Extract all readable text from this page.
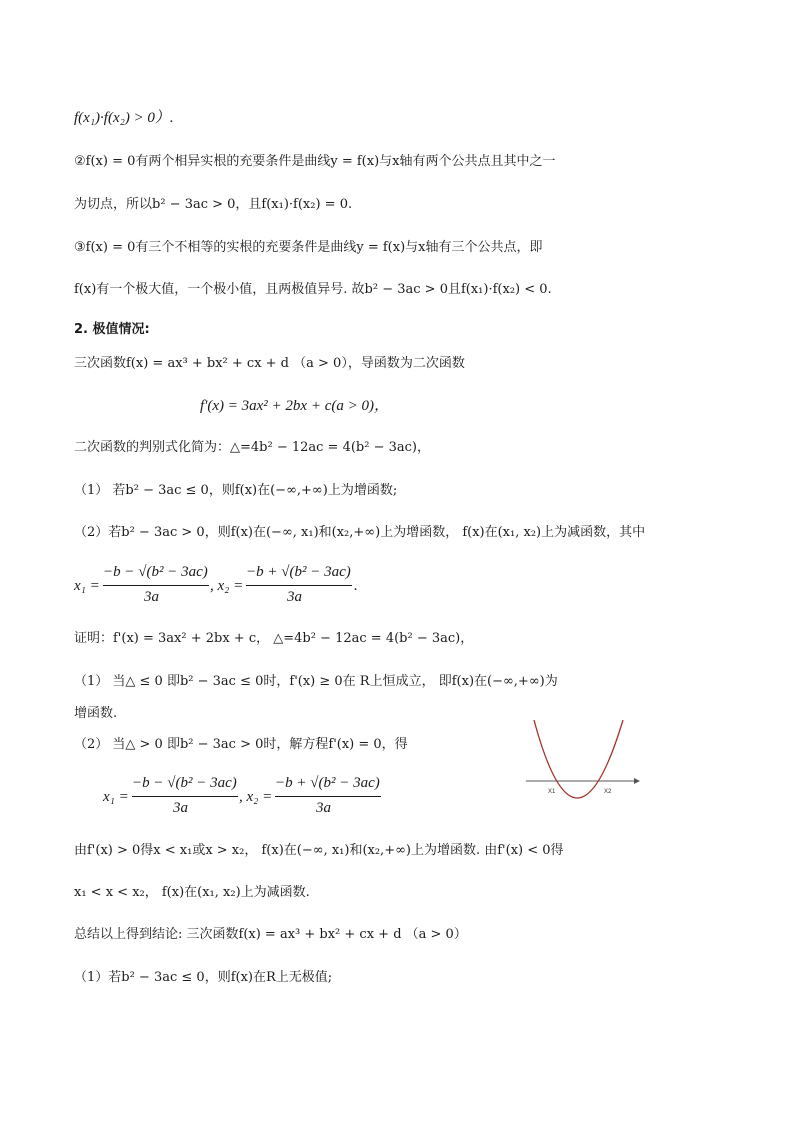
f(x₁)·f(x₂) > 0）.
②f(x) = 0有两个相异实根的充要条件是曲线y = f(x)与x轴有两个公共点且其中之一
为切点，所以b² − 3ac > 0，且f(x₁)·f(x₂) = 0.
③f(x) = 0有三个不相等的实根的充要条件是曲线y = f(x)与x轴有三个公共点，即
f(x)有一个极大值，一个极小值，且两极值异号. 故b² − 3ac > 0且f(x₁)·f(x₂) < 0.
2. 极值情况:
三次函数f(x) = ax³ + bx² + cx + d （a > 0），导函数为二次函数
f'(x) = 3ax² + 2bx + c(a > 0)，
二次函数的判别式化简为：△=4b² − 12ac = 4(b² − 3ac)，
（1） 若b² − 3ac ≤ 0，则f(x)在(−∞,+∞)上为增函数;
（2）若b² − 3ac > 0，则f(x)在(−∞, x₁)和(x₂,+∞)上为增函数， f(x)在(x₁, x₂)上为减函数，其中
x₁ =
−b − √(b² − 3ac)
3a
, x₂ =
−b + √(b² − 3ac)
3a
.
证明：f'(x) = 3ax² + 2bx + c， △=4b² − 12ac = 4(b² − 3ac)，
（1） 当△ ≤ 0 即b² − 3ac ≤ 0时，f'(x) ≥ 0在 R上恒成立， 即f(x)在(−∞,+∞)为
增函数.
（2） 当△ > 0 即b² − 3ac > 0时，解方程f'(x) = 0，得
x₁ =
−b − √(b² − 3ac)
3a
, x₂ =
−b + √(b² − 3ac)
3a
X1	X2
由f'(x) > 0得x < x₁或x > x₂， f(x)在(−∞, x₁)和(x₂,+∞)上为增函数. 由f'(x) < 0得
x₁ < x < x₂， f(x)在(x₁, x₂)上为减函数.
总结以上得到结论: 三次函数f(x) = ax³ + bx² + cx + d （a > 0）
（1）若b² − 3ac ≤ 0，则f(x)在R上无极值;
